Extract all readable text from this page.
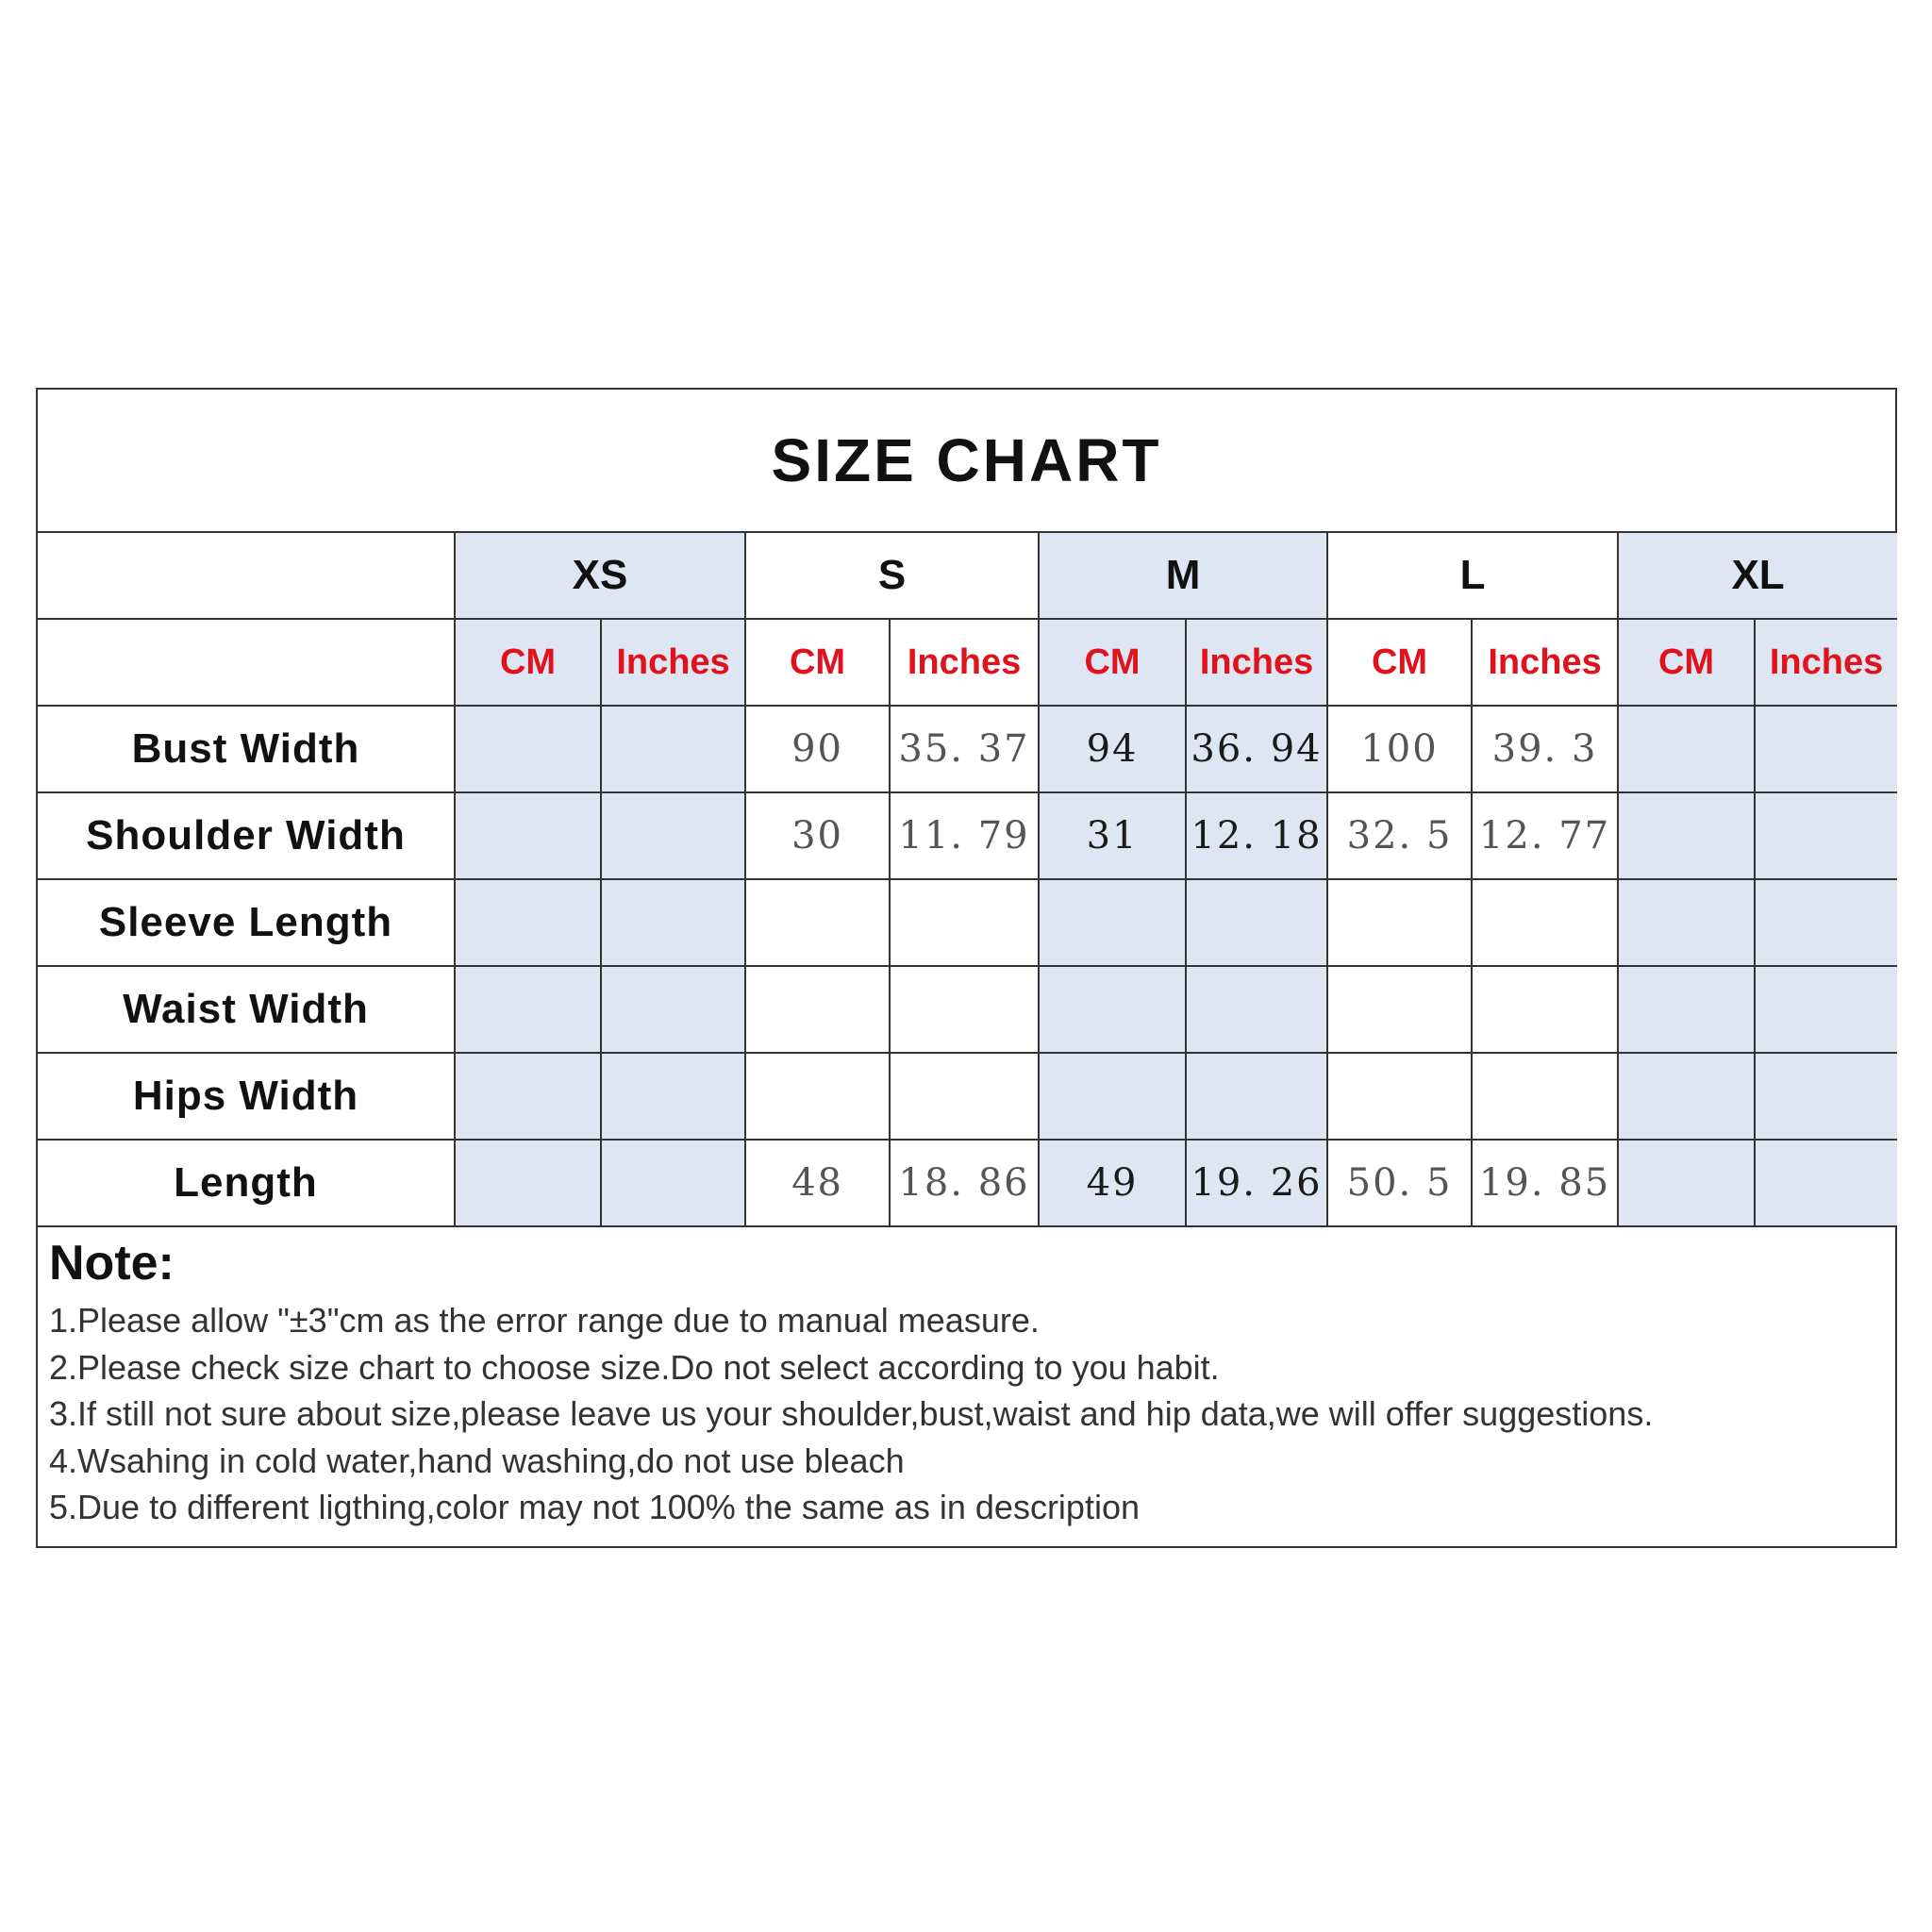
SIZE CHART
	XS		S		M		L		XL	
	CM	Inches	CM	Inches	CM	Inches	CM	Inches	CM	Inches
Bust Width			90	35. 37	94	36. 94	100	39. 3		
Shoulder Width			30	11. 79	31	12. 18	32. 5	12. 77		
Sleeve Length										
Waist Width										
Hips Width										
Length			48	18. 86	49	19. 26	50. 5	19. 85		
Note:
1.Please allow "±3"cm as the error range due to manual measure.
2.Please check size chart to choose size.Do not select according to you habit.
3.If still not sure about size,please leave us your shoulder,bust,waist and hip data,we will offer suggestions.
4.Wsahing in cold water,hand washing,do not use bleach
5.Due to different ligthing,color may not 100% the same as in description
